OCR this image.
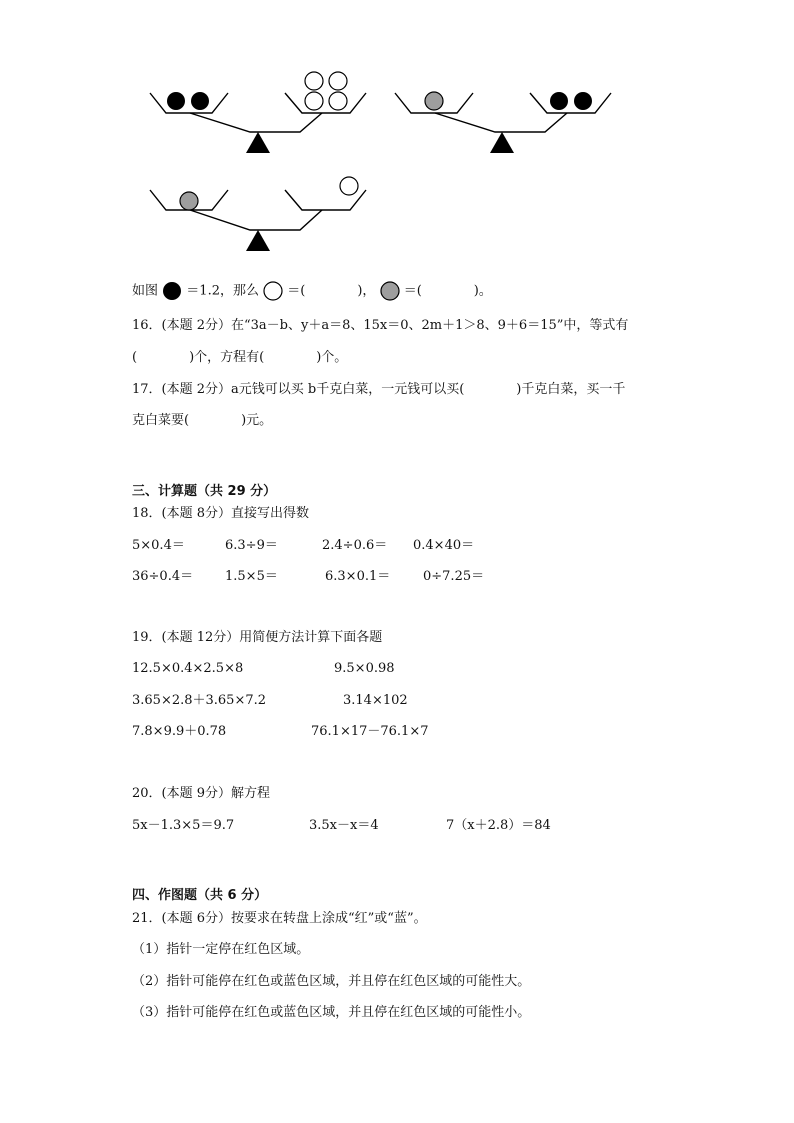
如图 ＝1.2，那么 ＝(　　　　)， ＝(　　　　)。
16．(本题 2分）在“3a－b、y＋a＝8、15x＝0、2m＋1＞8、9＋6＝15”中，等式有
(　　　　)个，方程有(　　　　)个。
17．(本题 2分）a元钱可以买 b千克白菜，一元钱可以买(　　　　)千克白菜，买一千
克白菜要(　　　　)元。
三、计算题（共 29 分）
18．(本题 8分）直接写出得数
5×0.4＝	6.3÷9＝	2.4÷0.6＝ 0.4×40＝
36÷0.4＝ 1.5×5＝	6.3×0.1＝	0÷7.25＝
19．(本题 12分）用简便方法计算下面各题
12.5×0.4×2.5×8	9.5×0.98
3.65×2.8＋3.65×7.2	3.14×102
7.8×9.9＋0.78	76.1×17－76.1×7
20．(本题 9分）解方程
5x－1.3×5＝9.7	3.5x－x＝4	7（x＋2.8）＝84
四、作图题（共 6 分）
21．(本题 6分）按要求在转盘上涂成“红”或“蓝”。
（1）指针一定停在红色区域。
（2）指针可能停在红色或蓝色区域，并且停在红色区域的可能性大。
（3）指针可能停在红色或蓝色区域，并且停在红色区域的可能性小。
